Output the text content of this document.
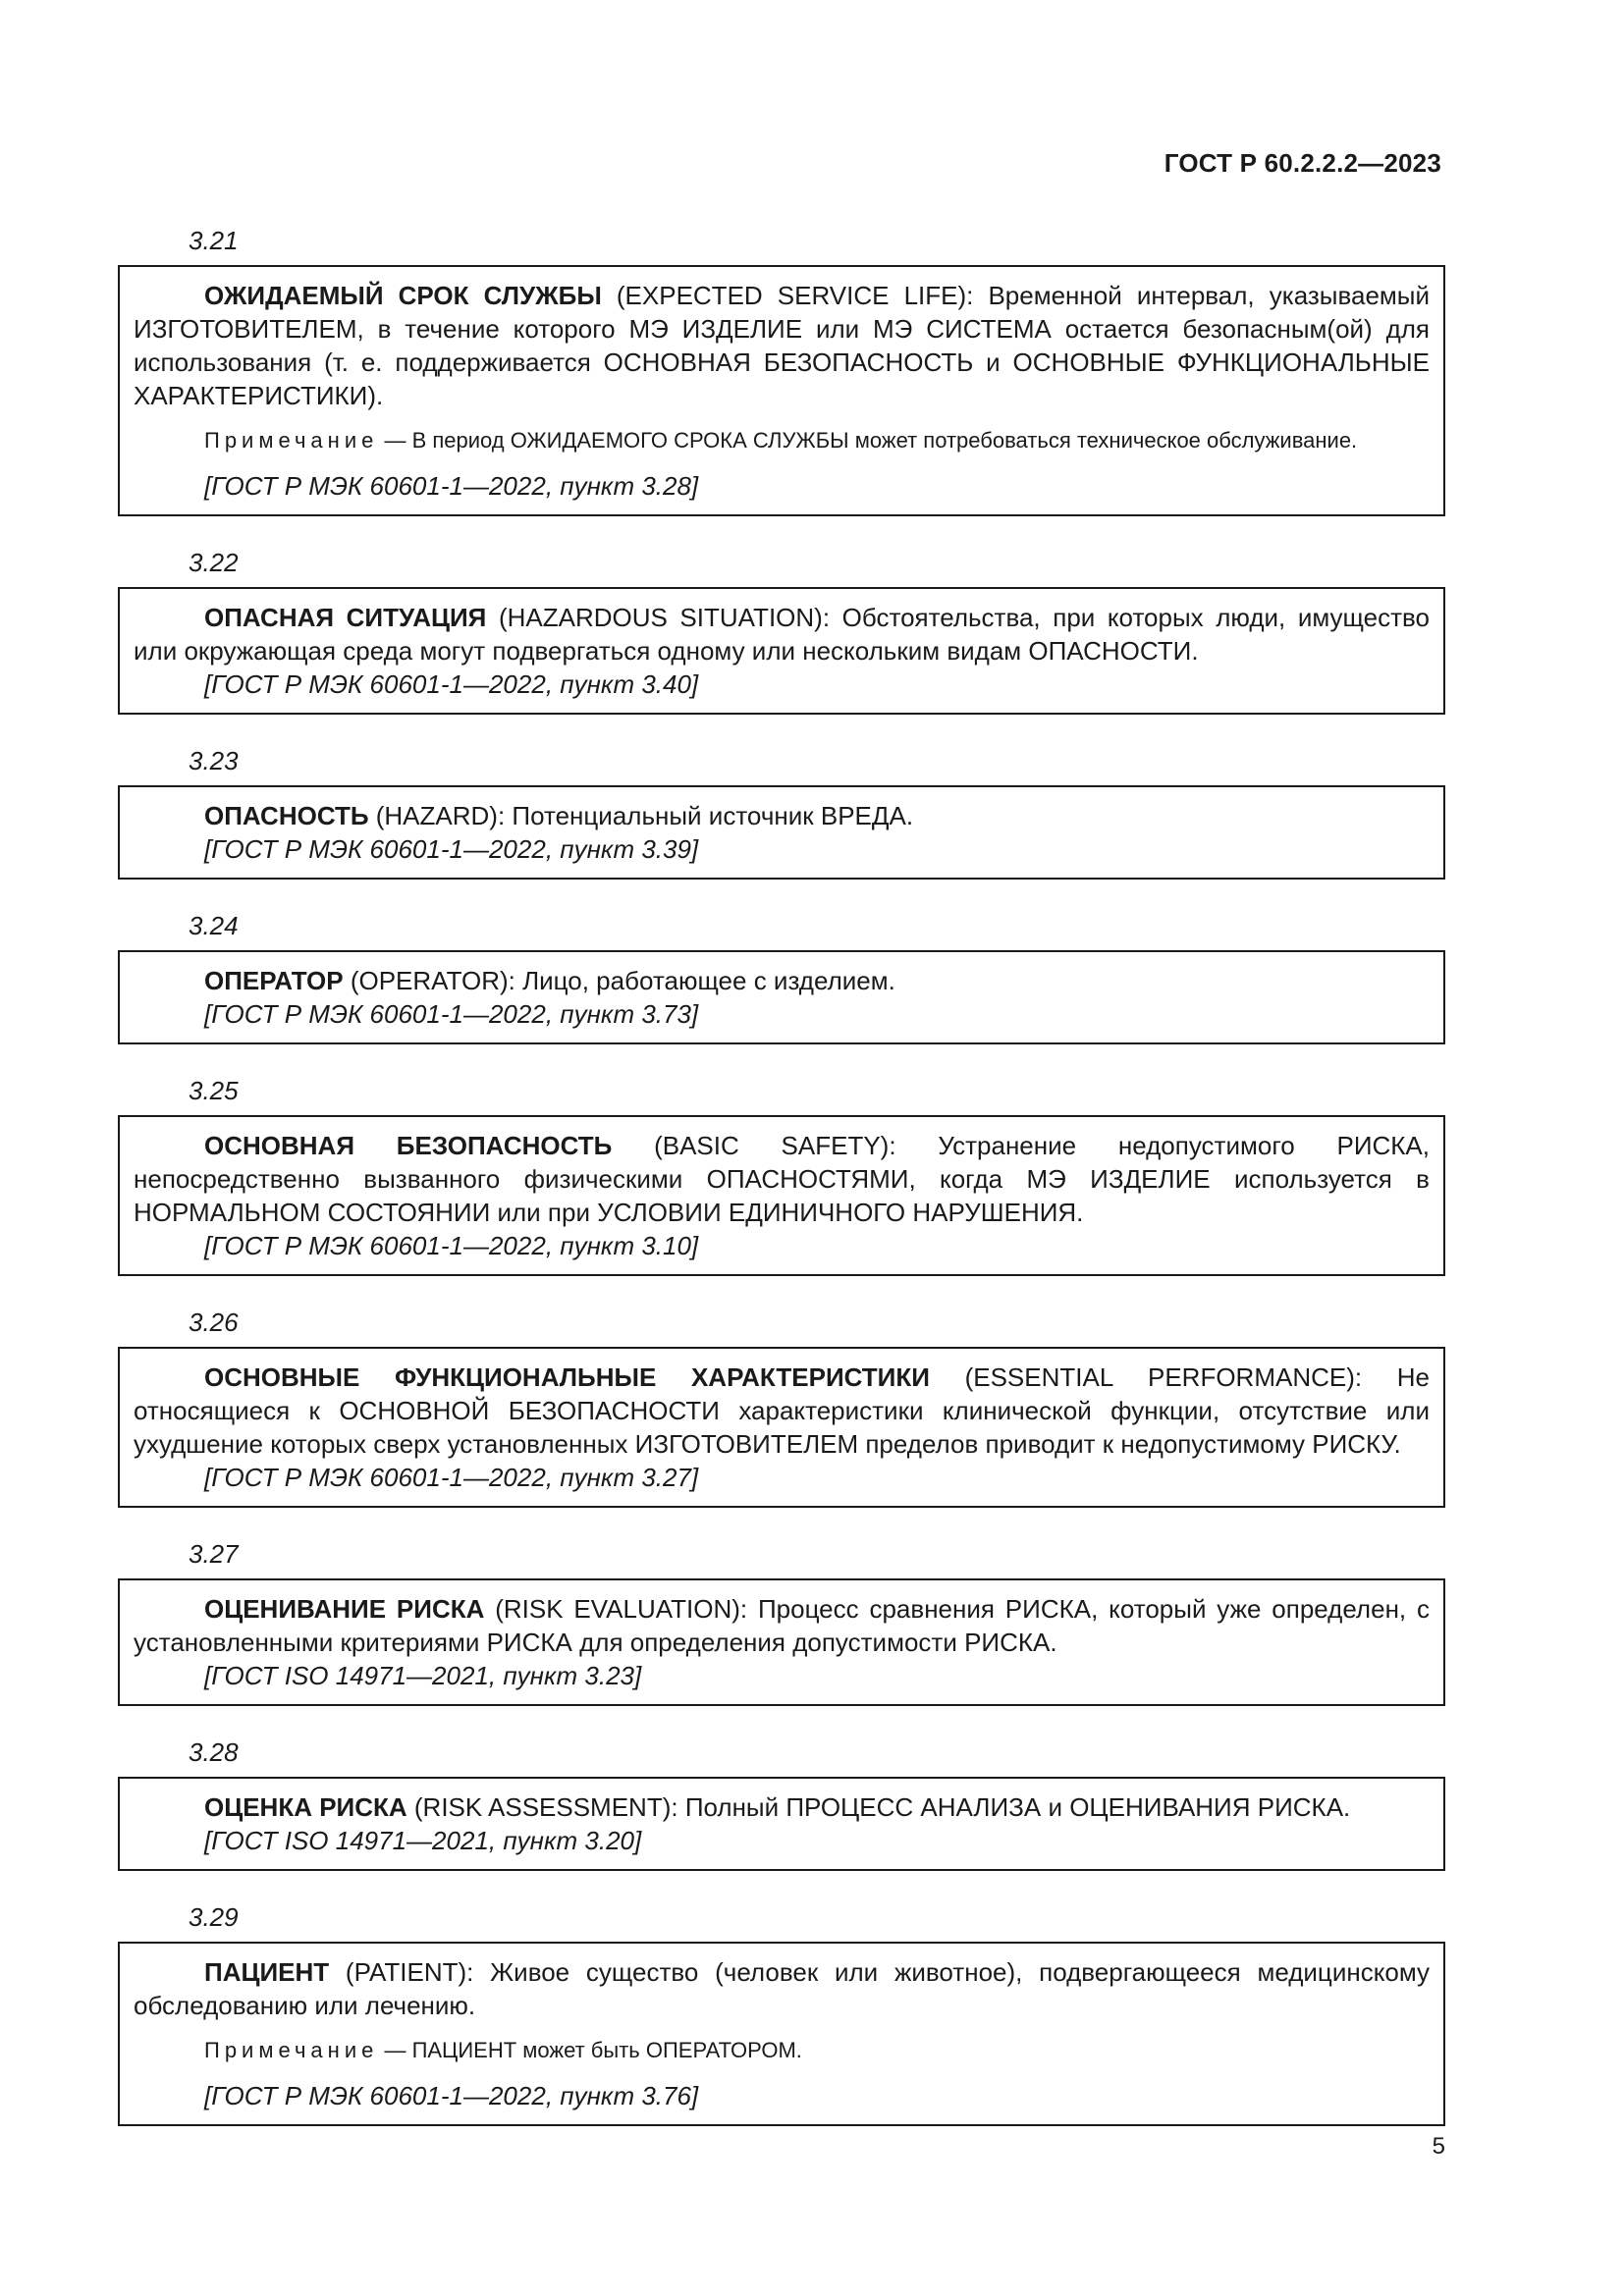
ГОСТ Р 60.2.2.2—2023
3.21

ОЖИДАЕМЫЙ СРОК СЛУЖБЫ (EXPECTED SERVICE LIFE): Временной интервал, указываемый ИЗГОТОВИТЕЛЕМ, в течение которого МЭ ИЗДЕЛИЕ или МЭ СИСТЕМА остается безопасным(ой) для использования (т. е. поддерживается ОСНОВНАЯ БЕЗОПАСНОСТЬ и ОСНОВНЫЕ ФУНКЦИОНАЛЬНЫЕ ХАРАКТЕРИСТИКИ).

Примечание — В период ОЖИДАЕМОГО СРОКА СЛУЖБЫ может потребоваться техническое обслуживание.

[ГОСТ Р МЭК 60601-1—2022, пункт 3.28]

3.22

ОПАСНАЯ СИТУАЦИЯ (HAZARDOUS SITUATION): Обстоятельства, при которых люди, имущество или окружающая среда могут подвергаться одному или нескольким видам ОПАСНОСТИ.

[ГОСТ Р МЭК 60601-1—2022, пункт 3.40]

3.23

ОПАСНОСТЬ (HAZARD): Потенциальный источник ВРЕДА.

[ГОСТ Р МЭК 60601-1—2022, пункт 3.39]

3.24

ОПЕРАТОР (OPERATOR): Лицо, работающее с изделием.

[ГОСТ Р МЭК 60601-1—2022, пункт 3.73]

3.25

ОСНОВНАЯ БЕЗОПАСНОСТЬ (BASIC SAFETY): Устранение недопустимого РИСКА, непосредственно вызванного физическими ОПАСНОСТЯМИ, когда МЭ ИЗДЕЛИЕ используется в НОРМАЛЬНОМ СОСТОЯНИИ или при УСЛОВИИ ЕДИНИЧНОГО НАРУШЕНИЯ.

[ГОСТ Р МЭК 60601-1—2022, пункт 3.10]

3.26

ОСНОВНЫЕ ФУНКЦИОНАЛЬНЫЕ ХАРАКТЕРИСТИКИ (ESSENTIAL PERFORMANCE): Не относящиеся к ОСНОВНОЙ БЕЗОПАСНОСТИ характеристики клинической функции, отсутствие или ухудшение которых сверх установленных ИЗГОТОВИТЕЛЕМ пределов приводит к недопустимому РИСКУ.

[ГОСТ Р МЭК 60601-1—2022, пункт 3.27]

3.27

ОЦЕНИВАНИЕ РИСКА (RISK EVALUATION): Процесс сравнения РИСКА, который уже определен, с установленными критериями РИСКА для определения допустимости РИСКА.

[ГОСТ ISO 14971—2021, пункт 3.23]

3.28

ОЦЕНКА РИСКА (RISK ASSESSMENT): Полный ПРОЦЕСС АНАЛИЗА и ОЦЕНИВАНИЯ РИСКА.

[ГОСТ ISO 14971—2021, пункт 3.20]

3.29

ПАЦИЕНТ (PATIENT): Живое существо (человек или животное), подвергающееся медицинскому обследованию или лечению.

Примечание — ПАЦИЕНТ может быть ОПЕРАТОРОМ.

[ГОСТ Р МЭК 60601-1—2022, пункт 3.76]

5
